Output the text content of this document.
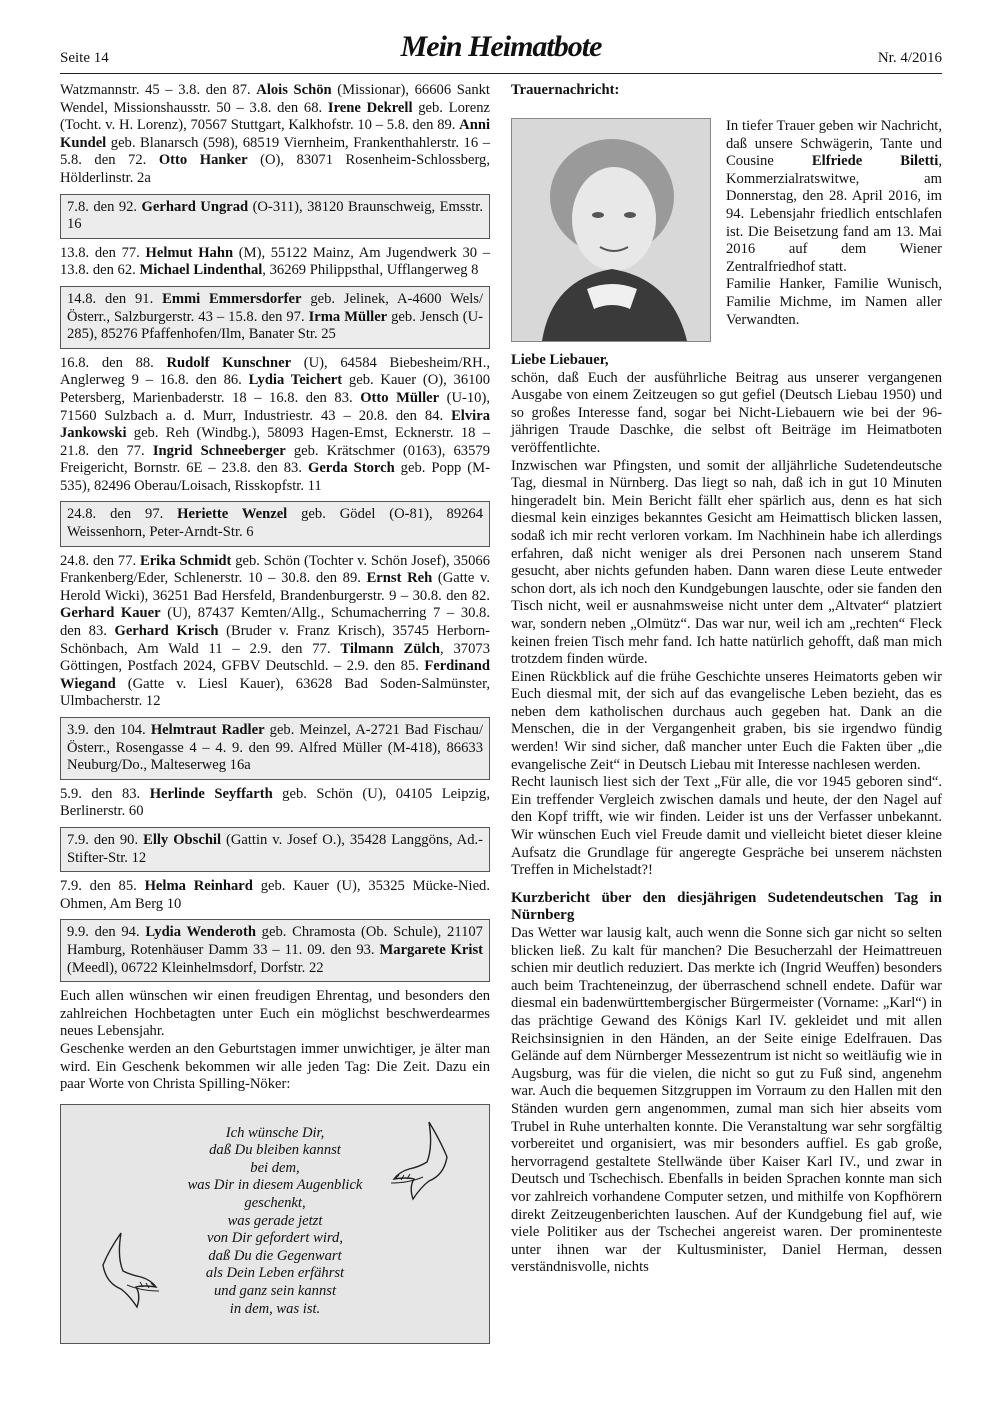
Seite 14	Mein Heimatbote	Nr. 4/2016

Watzmannstr. 45 – 3.8. den 87. Alois Schön (Missionar), 66606 Sankt Wendel, Missionshausstr. 50 – 3.8. den 68. Irene Dekrell geb. Lorenz (Tocht. v. H. Lorenz), 70567 Stuttgart, Kalkhofstr. 10 – 5.8. den 89. Anni Kundel geb. Blanarsch (598), 68519 Viernheim, Frankenthahlerstr. 16 – 5.8. den 72. Otto Hanker (O), 83071 Rosenheim-Schlossberg, Hölderlinstr. 2a

7.8. den 92. Gerhard Ungrad (O-311), 38120 Braunschweig, Emsstr. 16

13.8. den 77. Helmut Hahn (M), 55122 Mainz, Am Jugendwerk 30 – 13.8. den 62. Michael Lindenthal, 36269 Philippsthal, Ufflangerweg 8

14.8. den 91. Emmi Emmersdorfer geb. Jelinek, A-4600 Wels/ Österr., Salzburgerstr. 43 – 15.8. den 97. Irma Müller geb. Jensch (U-285), 85276 Pfaffenhofen/Ilm, Banater Str. 25

16.8. den 88. Rudolf Kunschner (U), 64584 Biebesheim/RH., Anglerweg 9 – 16.8. den 86. Lydia Teichert geb. Kauer (O), 36100 Petersberg, Marienbaderstr. 18 – 16.8. den 83. Otto Müller (U-10), 71560 Sulzbach a. d. Murr, Industriestr. 43 – 20.8. den 84. Elvira Jankowski geb. Reh (Windbg.), 58093 Hagen-Emst, Ecknerstr. 18 – 21.8. den 77. Ingrid Schneeberger geb. Krätschmer (0163), 63579 Freigericht, Bornstr. 6E – 23.8. den 83. Gerda Storch geb. Popp (M-535), 82496 Oberau/Loisach, Risskopfstr. 11

24.8. den 97. Heriette Wenzel geb. Gödel (O-81), 89264 Weissenhorn, Peter-Arndt-Str. 6

24.8. den 77. Erika Schmidt geb. Schön (Tochter v. Schön Josef), 35066 Frankenberg/Eder, Schlenerstr. 10 – 30.8. den 89. Ernst Reh (Gatte v. Herold Wicki), 36251 Bad Hersfeld, Brandenburgerstr. 9 – 30.8. den 82. Gerhard Kauer (U), 87437 Kemten/Allg., Schumacherring 7 – 30.8. den 83. Gerhard Krisch (Bruder v. Franz Krisch), 35745 Herborn-Schönbach, Am Wald 11 – 2.9. den 77. Tilmann Zülch, 37073 Göttingen, Postfach 2024, GFBV Deutschld. – 2.9. den 85. Ferdinand Wiegand (Gatte v. Liesl Kauer), 63628 Bad Soden-Salmünster, Ulmbacherstr. 12

3.9. den 104. Helmtraut Radler geb. Meinzel, A-2721 Bad Fischau/Österr., Rosengasse 4 – 4. 9. den 99. Alfred Müller (M-418), 86633 Neuburg/Do., Malteserweg 16a

5.9. den 83. Herlinde Seyffarth geb. Schön (U), 04105 Leipzig, Berlinerstr. 60

7.9. den 90. Elly Obschil (Gattin v. Josef O.), 35428 Langgöns, Ad.-Stifter-Str. 12

7.9. den 85. Helma Reinhard geb. Kauer (U), 35325 Mücke-Nied. Ohmen, Am Berg 10

9.9. den 94. Lydia Wenderoth geb. Chramosta (Ob. Schule), 21107 Hamburg, Rotenhäuser Damm 33 – 11. 09. den 93. Margarete Krist (Meedl), 06722 Kleinhelmsdorf, Dorfstr. 22

Euch allen wünschen wir einen freudigen Ehrentag, und besonders den zahlreichen Hochbetagten unter Euch ein möglichst beschwerdearmes neues Lebensjahr.

Geschenke werden an den Geburtstagen immer unwichtiger, je älter man wird. Ein Geschenk bekommen wir alle jeden Tag: Die Zeit. Dazu ein paar Worte von Christa Spilling-Nöker:

Ich wünsche Dir,
daß Du bleiben kannst
bei dem,
was Dir in diesem Augenblick
geschenkt,
was gerade jetzt
von Dir gefordert wird,
daß Du die Gegenwart
als Dein Leben erfährst
und ganz sein kannst
in dem, was ist.

Trauernachricht:

In tiefer Trauer geben wir Nachricht, daß unsere Schwägerin, Tante und Cousine Elfriede Biletti, Kommerzialratswitwe, am Donnerstag, den 28. April 2016, im 94. Lebensjahr friedlich entschlafen ist. Die Beisetzung fand am 13. Mai 2016 auf dem Wiener Zentralfriedhof statt.

Familie Hanker, Familie Wunisch, Familie Michme, im Namen aller Verwandten.

Liebe Liebauer,

schön, daß Euch der ausführliche Beitrag aus unserer vergangenen Ausgabe von einem Zeitzeugen so gut gefiel (Deutsch Liebau 1950) und so großes Interesse fand, sogar bei Nicht-Liebauern wie bei der 96-jährigen Traude Daschke, die selbst oft Beiträge im Heimatboten veröffentlichte.

Inzwischen war Pfingsten, und somit der alljährliche Sudetendeutsche Tag, diesmal in Nürnberg. Das liegt so nah, daß ich in gut 10 Minuten hingeradelt bin. Mein Bericht fällt eher spärlich aus, denn es hat sich diesmal kein einziges bekanntes Gesicht am Heimattisch blicken lassen, sodaß ich mir recht verloren vorkam. Im Nachhinein habe ich allerdings erfahren, daß nicht weniger als drei Personen nach unserem Stand gesucht, aber nichts gefunden haben. Dann waren diese Leute entweder schon dort, als ich noch den Kundgebungen lauschte, oder sie fanden den Tisch nicht, weil er ausnahmsweise nicht unter dem „Altvater“ platziert war, sondern neben „Olmütz“. Das war nur, weil ich am „rechten“ Fleck keinen freien Tisch mehr fand. Ich hatte natürlich gehofft, daß man mich trotzdem finden würde.

Einen Rückblick auf die frühe Geschichte unseres Heimatorts geben wir Euch diesmal mit, der sich auf das evangelische Leben bezieht, das es neben dem katholischen durchaus auch gegeben hat. Dank an die Menschen, die in der Vergangenheit graben, bis sie irgendwo fündig werden! Wir sind sicher, daß mancher unter Euch die Fakten über „die evangelische Zeit“ in Deutsch Liebau mit Interesse nachlesen werden.

Recht launisch liest sich der Text „Für alle, die vor 1945 geboren sind“. Ein treffender Vergleich zwischen damals und heute, der den Nagel auf den Kopf trifft, wie wir finden. Leider ist uns der Verfasser unbekannt. Wir wünschen Euch viel Freude damit und vielleicht bietet dieser kleine Aufsatz die Grundlage für angeregte Gespräche bei unserem nächsten Treffen in Michelstadt?!

Kurzbericht über den diesjährigen Sudetendeutschen Tag in Nürnberg

Das Wetter war lausig kalt, auch wenn die Sonne sich gar nicht so selten blicken ließ. Zu kalt für manchen? Die Besucherzahl der Heimattreuen schien mir deutlich reduziert. Das merkte ich (Ingrid Weuffen) besonders auch beim Trachteneinzug, der überraschend schnell endete. Dafür war diesmal ein badenwürttembergischer Bürgermeister (Vorname: „Karl“) in das prächtige Gewand des Königs Karl IV. gekleidet und mit allen Reichsinsignien in den Händen, an der Seite einige Edelfrauen. Das Gelände auf dem Nürnberger Messezentrum ist nicht so weitläufig wie in Augsburg, was für die vielen, die nicht so gut zu Fuß sind, angenehm war. Auch die bequemen Sitzgruppen im Vorraum zu den Hallen mit den Ständen wurden gern angenommen, zumal man sich hier abseits vom Trubel in Ruhe unterhalten konnte. Die Veranstaltung war sehr sorgfältig vorbereitet und organisiert, was mir besonders auffiel. Es gab große, hervorragend gestaltete Stellwände über Kaiser Karl IV., und zwar in Deutsch und Tschechisch. Ebenfalls in beiden Sprachen konnte man sich vor zahlreich vorhandene Computer setzen, und mithilfe von Kopfhörern direkt Zeitzeugenberichten lauschen. Auf der Kundgebung fiel auf, wie viele Politiker aus der Tschechei angereist waren. Der prominenteste unter ihnen war der Kultusminister, Daniel Herman, dessen verständnisvolle, nichts
